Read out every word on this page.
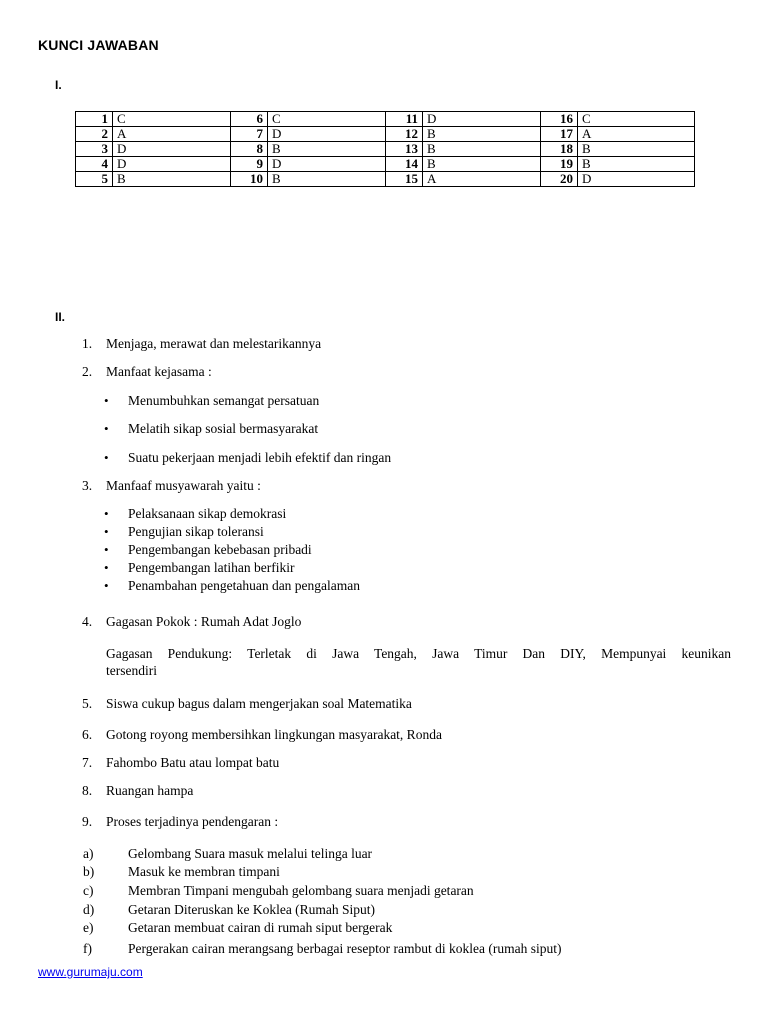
KUNCI JAWABAN
I.
1	C	6	C	11	D	16	C
2	A	7	D	12	B	17	A
3	D	8	B	13	B	18	B
4	D	9	D	14	B	19	B
5	B	10	B	15	A	20	D
II.
1. Menjaga, merawat dan melestarikannya
2. Manfaat kejasama :
• Menumbuhkan semangat persatuan
• Melatih sikap sosial bermasyarakat
• Suatu pekerjaan menjadi lebih efektif dan ringan
3. Manfaaf musyawarah yaitu :
• Pelaksanaan sikap demokrasi
• Pengujian sikap toleransi
• Pengembangan kebebasan pribadi
• Pengembangan latihan berfikir
• Penambahan pengetahuan dan pengalaman
4. Gagasan Pokok : Rumah Adat Joglo
Gagasan Pendukung: Terletak di Jawa Tengah, Jawa Timur Dan DIY, Mempunyai keunikan
tersendiri
5. Siswa cukup bagus dalam mengerjakan soal Matematika
6. Gotong royong membersihkan lingkungan masyarakat, Ronda
7. Fahombo Batu atau lompat batu
8. Ruangan hampa
9. Proses terjadinya pendengaran :
a)	Gelombang Suara masuk melalui telinga luar
b)	Masuk ke membran timpani
c)	Membran Timpani mengubah gelombang suara menjadi getaran
d)	Getaran Diteruskan ke Koklea (Rumah Siput)
e)	Getaran membuat cairan di rumah siput bergerak
f)	Pergerakan cairan merangsang berbagai reseptor rambut di koklea (rumah siput)
www.gurumaju.com
